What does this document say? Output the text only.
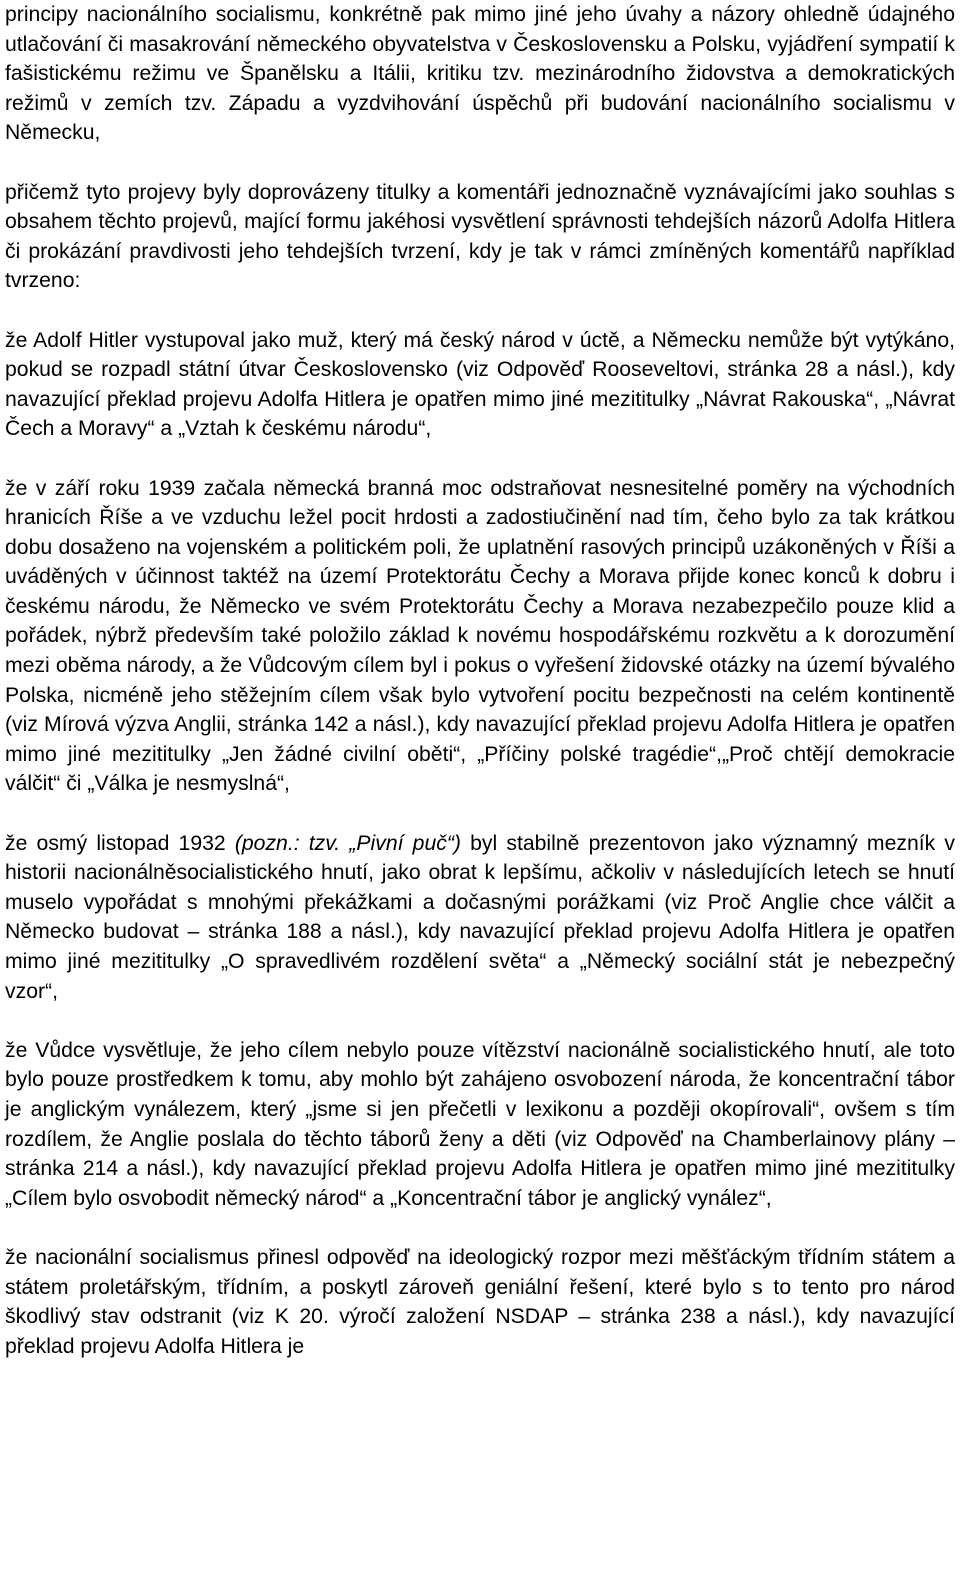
principy nacionálního socialismu, konkrétně pak mimo jiné jeho úvahy a názory ohledně údajného utlačování či masakrování německého obyvatelstva v Československu a Polsku, vyjádření sympatií k fašistickému režimu ve Španělsku a Itálii, kritiku tzv. mezinárodního židovstva a demokratických režimů v zemích tzv. Západu a vyzdvihování úspěchů při budování nacionálního socialismu v Německu,

přičemž tyto projevy byly doprovázeny titulky a komentáři jednoznačně vyznávajícími jako souhlas s obsahem těchto projevů, mající formu jakéhosi vysvětlení správnosti tehdejších názorů Adolfa Hitlera či prokázání pravdivosti jeho tehdejších tvrzení, kdy je tak v rámci zmíněných komentářů například tvrzeno:

že Adolf Hitler vystupoval jako muž, který má český národ v úctě, a Německu nemůže být vytýkáno, pokud se rozpadl státní útvar Československo (viz Odpověď Rooseveltovi, stránka 28 a násl.), kdy navazující překlad projevu Adolfa Hitlera je opatřen mimo jiné mezititulky „Návrat Rakouska“, „Návrat Čech a Moravy“ a „Vztah k českému národu“,

že v září roku 1939 začala německá branná moc odstraňovat nesnesitelné poměry na východních hranicích Říše a ve vzduchu ležel pocit hrdosti a zadostiučinění nad tím, čeho bylo za tak krátkou dobu dosaženo na vojenském a politickém poli, že uplatnění rasových principů uzákoněných v Říši a uváděných v účinnost taktéž na území Protektorátu Čechy a Morava přijde konec konců k dobru i českému národu, že Německo ve svém Protektorátu Čechy a Morava nezabezpečilo pouze klid a pořádek, nýbrž především také položilo základ k novému hospodářskému rozkvětu a k dorozumění mezi oběma národy, a že Vůdcovým cílem byl i pokus o vyřešení židovské otázky na území bývalého Polska, nicméně jeho stěžejním cílem však bylo vytvoření pocitu bezpečnosti na celém kontinentě (viz Mírová výzva Anglii, stránka 142 a násl.), kdy navazující překlad projevu Adolfa Hitlera je opatřen mimo jiné mezititulky „Jen žádné civilní oběti“, „Příčiny polské tragédie“,„Proč chtějí demokracie válčit“ či „Válka je nesmyslná“,

že osmý listopad 1932 (pozn.: tzv. „Pivní puč“) byl stabilně prezentovon jako významný mezník v historii nacionálněsocialistického hnutí, jako obrat k lepšímu, ačkoliv v následujících letech se hnutí muselo vypořádat s mnohými překážkami a dočasnými porážkami (viz Proč Anglie chce válčit a Německo budovat – stránka 188 a násl.), kdy navazující překlad projevu Adolfa Hitlera je opatřen mimo jiné mezititulky „O spravedlivém rozdělení světa“ a „Německý sociální stát je nebezpečný vzor“,

že Vůdce vysvětluje, že jeho cílem nebylo pouze vítězství nacionálně socialistického hnutí, ale toto bylo pouze prostředkem k tomu, aby mohlo být zahájeno osvobození národa, že koncentrační tábor je anglickým vynálezem, který „jsme si jen přečetli v lexikonu a později okopírovali“, ovšem s tím rozdílem, že Anglie poslala do těchto táborů ženy a děti (viz Odpověď na Chamberlainovy plány – stránka 214 a násl.), kdy navazující překlad projevu Adolfa Hitlera je opatřen mimo jiné mezititulky „Cílem bylo osvobodit německý národ“ a „Koncentrační tábor je anglický vynález“,

že nacionální socialismus přinesl odpověď na ideologický rozpor mezi měšťáckým třídním státem a státem proletářským, třídním, a poskytl zároveň geniální řešení, které bylo s to tento pro národ škodlivý stav odstranit (viz K 20. výročí založení NSDAP – stránka 238 a násl.), kdy navazující překlad projevu Adolfa Hitlera je
